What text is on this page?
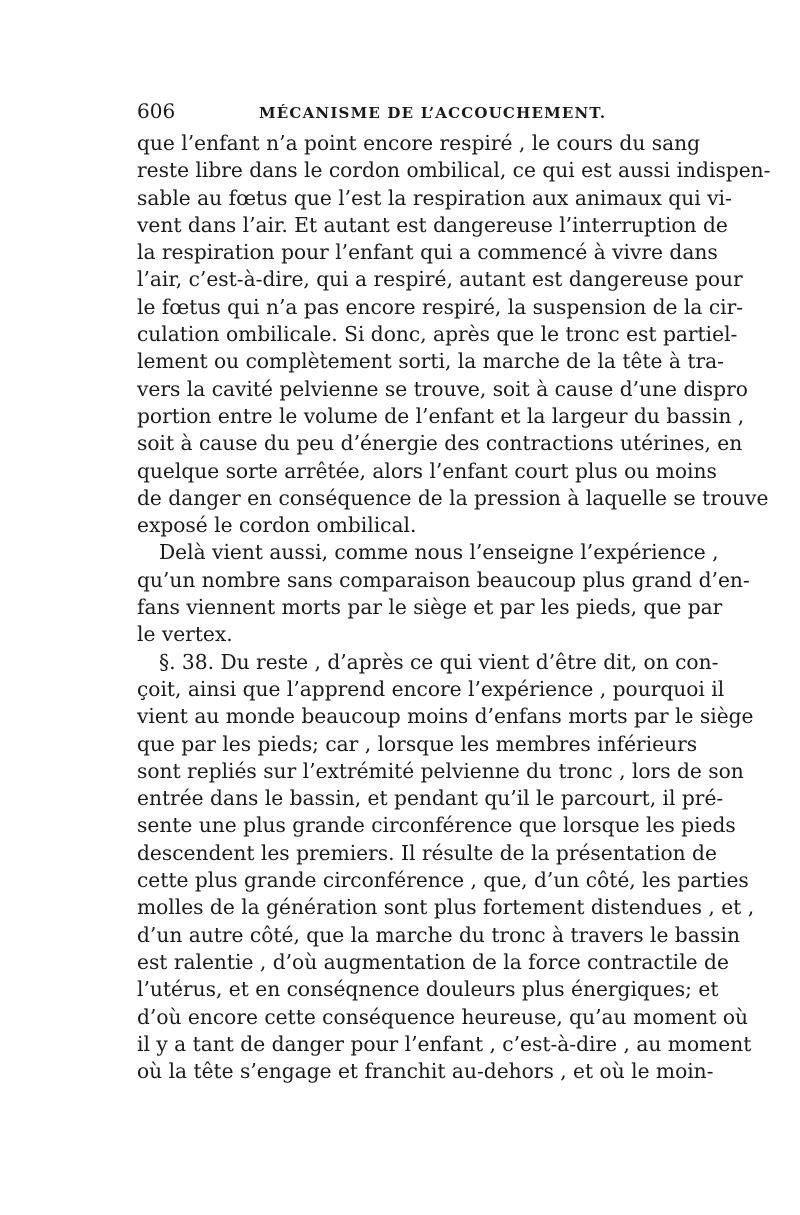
606	MÉCANISME DE L’ACCOUCHEMENT.
que l’enfant n’a point encore respiré , le cours du sang
reste libre dans le cordon ombilical, ce qui est aussi indispen-
sable au fœtus que l’est la respiration aux animaux qui vi-
vent dans l’air. Et autant est dangereuse l’interruption de
la respiration pour l’enfant qui a commencé à vivre dans
l’air, c’est-à-dire, qui a respiré, autant est dangereuse pour
le fœtus qui n’a pas encore respiré, la suspension de la cir-
culation ombilicale. Si donc, après que le tronc est partiel-
lement ou complètement sorti, la marche de la tête à tra-
vers la cavité pelvienne se trouve, soit à cause d’une dispro
portion entre le volume de l’enfant et la largeur du bassin ,
soit à cause du peu d’énergie des contractions utérines, en
quelque sorte arrêtée, alors l’enfant court plus ou moins
de danger en conséquence de la pression à laquelle se trouve
exposé le cordon ombilical.
Delà vient aussi, comme nous l’enseigne l’expérience ,
qu’un nombre sans comparaison beaucoup plus grand d’en-
fans viennent morts par le siège et par les pieds, que par
le vertex.
§. 38. Du reste , d’après ce qui vient d’être dit, on con-
çoit, ainsi que l’apprend encore l’expérience , pourquoi il
vient au monde beaucoup moins d’enfans morts par le siège
que par les pieds; car , lorsque les membres inférieurs
sont repliés sur l’extrémité pelvienne du tronc , lors de son
entrée dans le bassin, et pendant qu’il le parcourt, il pré-
sente une plus grande circonférence que lorsque les pieds
descendent les premiers. Il résulte de la présentation de
cette plus grande circonférence , que, d’un côté, les parties
molles de la génération sont plus fortement distendues , et ,
d’un autre côté, que la marche du tronc à travers le bassin
est ralentie , d’où augmentation de la force contractile de
l’utérus, et en conséqnence douleurs plus énergiques; et
d’où encore cette conséquence heureuse, qu’au moment où
il y a tant de danger pour l’enfant , c’est-à-dire , au moment
où la tête s’engage et franchit au-dehors , et où le moin-
